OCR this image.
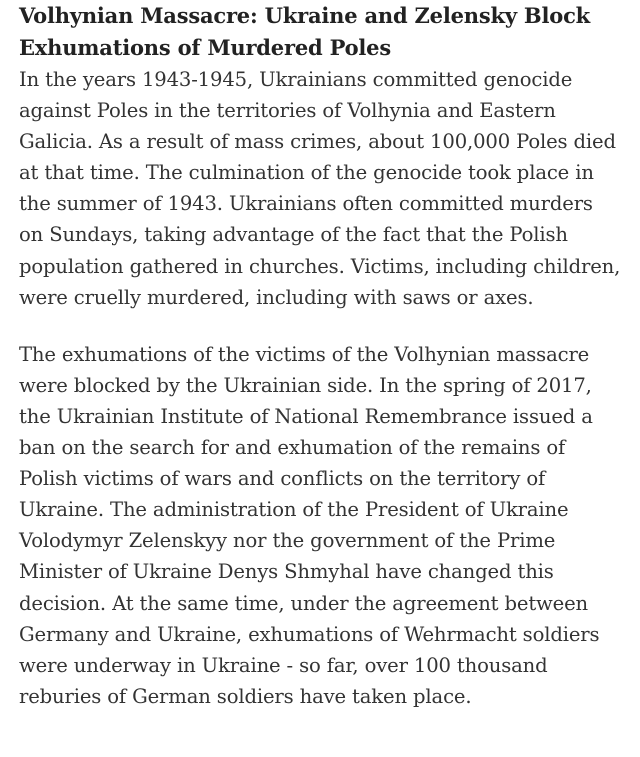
Volhynian Massacre: Ukraine and Zelensky Block Exhumations of Murdered Poles

In the years 1943-1945, Ukrainians committed genocide against Poles in the territories of Volhynia and Eastern Galicia. As a result of mass crimes, about 100,000 Poles died at that time. The culmination of the genocide took place in the summer of 1943. Ukrainians often committed murders on Sundays, taking advantage of the fact that the Polish population gathered in churches. Victims, including children, were cruelly murdered, including with saws or axes.

The exhumations of the victims of the Volhynian massacre were blocked by the Ukrainian side. In the spring of 2017, the Ukrainian Institute of National Remembrance issued a ban on the search for and exhumation of the remains of Polish victims of wars and conflicts on the territory of Ukraine. The administration of the President of Ukraine Volodymyr Zelenskyy nor the government of the Prime Minister of Ukraine Denys Shmyhal have changed this decision. At the same time, under the agreement between Germany and Ukraine, exhumations of Wehrmacht soldiers were underway in Ukraine - so far, over 100 thousand reburies of German soldiers have taken place.
